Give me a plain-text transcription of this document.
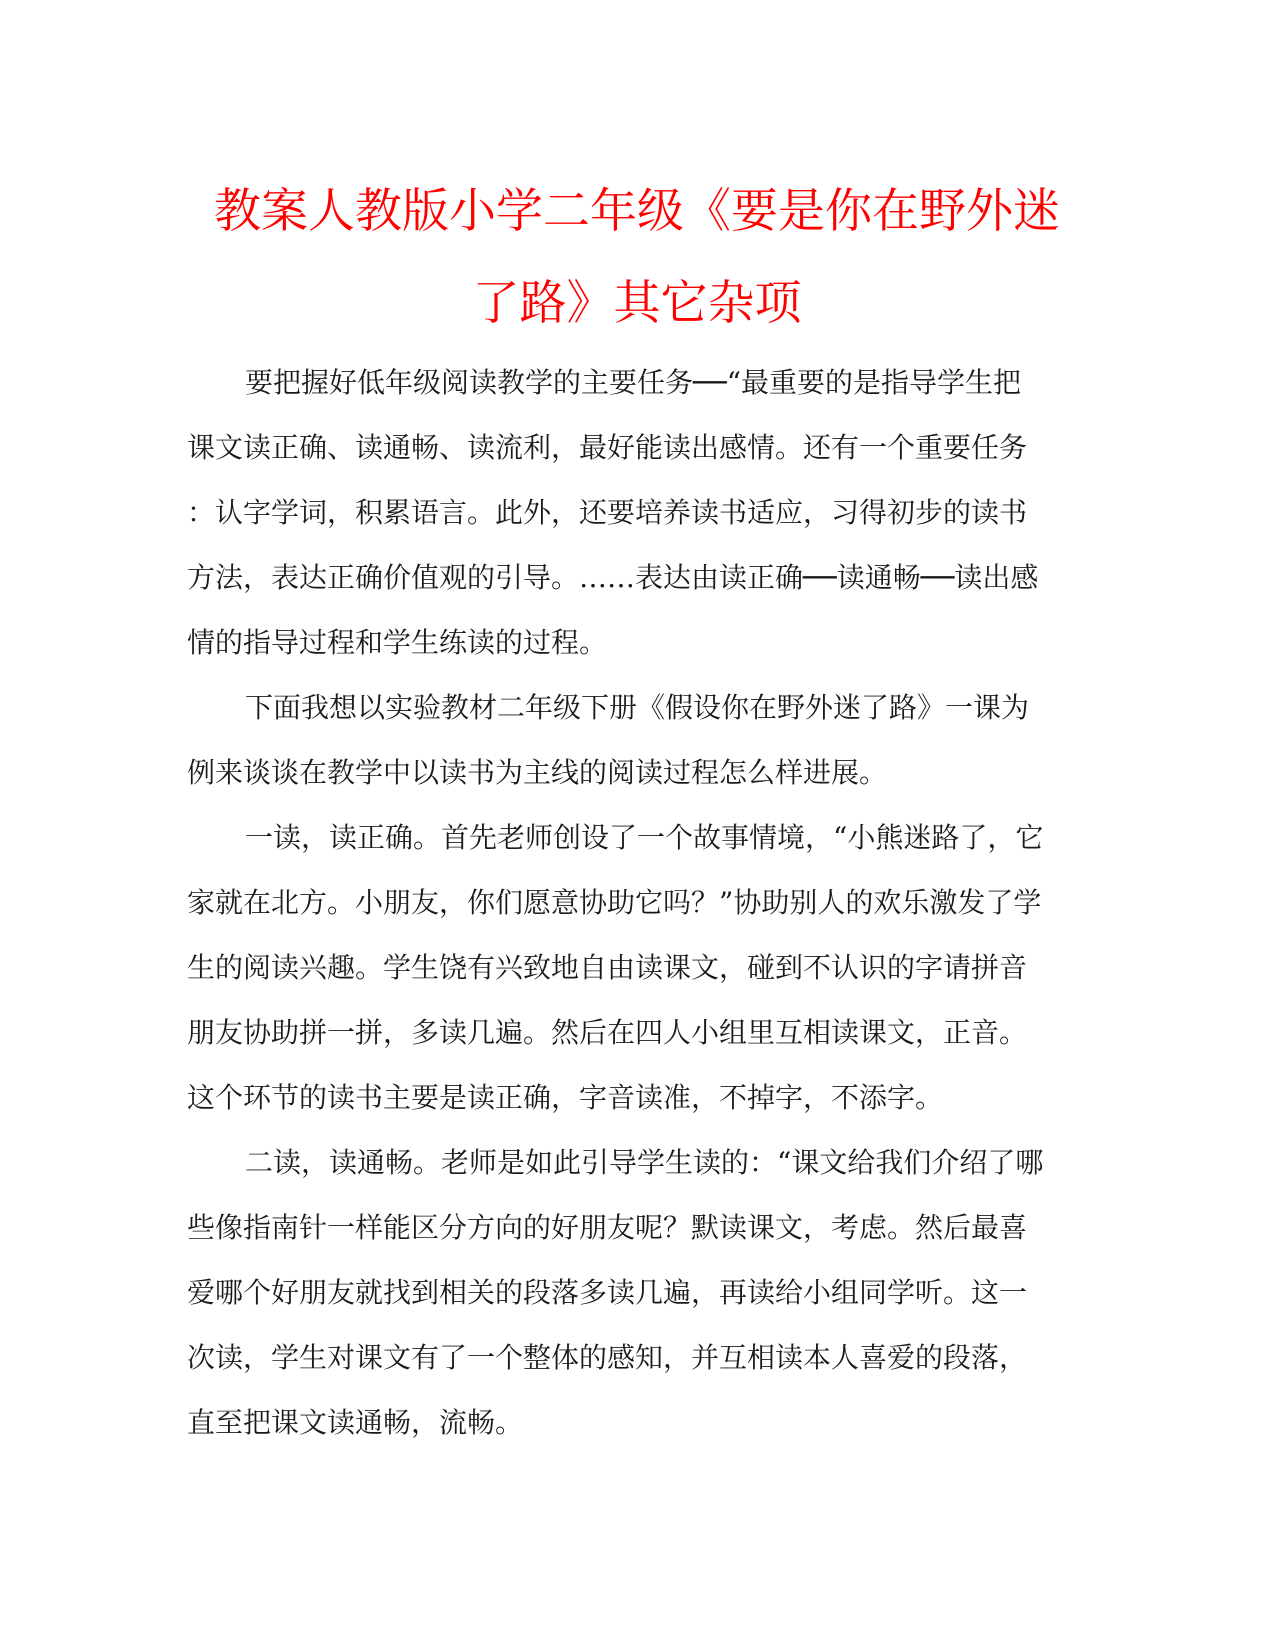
教案人教版小学二年级《要是你在野外迷
了路》其它杂项

要把握好低年级阅读教学的主要任务──“最重要的是指导学生把
课文读正确、读通畅、读流利，最好能读出感情。还有一个重要任务
：认字学词，积累语言。此外，还要培养读书适应，习得初步的读书
方法，表达正确价值观的引导。……表达由读正确──读通畅──读出感
情的指导过程和学生练读的过程。

下面我想以实验教材二年级下册《假设你在野外迷了路》一课为
例来谈谈在教学中以读书为主线的阅读过程怎么样进展。

一读，读正确。首先老师创设了一个故事情境，“小熊迷路了，它
家就在北方。小朋友，你们愿意协助它吗？”协助别人的欢乐激发了学
生的阅读兴趣。学生饶有兴致地自由读课文，碰到不认识的字请拼音
朋友协助拼一拼，多读几遍。然后在四人小组里互相读课文，正音。
这个环节的读书主要是读正确，字音读准，不掉字，不添字。

二读，读通畅。老师是如此引导学生读的：“课文给我们介绍了哪
些像指南针一样能区分方向的好朋友呢？默读课文，考虑。然后最喜
爱哪个好朋友就找到相关的段落多读几遍，再读给小组同学听。这一
次读，学生对课文有了一个整体的感知，并互相读本人喜爱的段落，
直至把课文读通畅，流畅。
